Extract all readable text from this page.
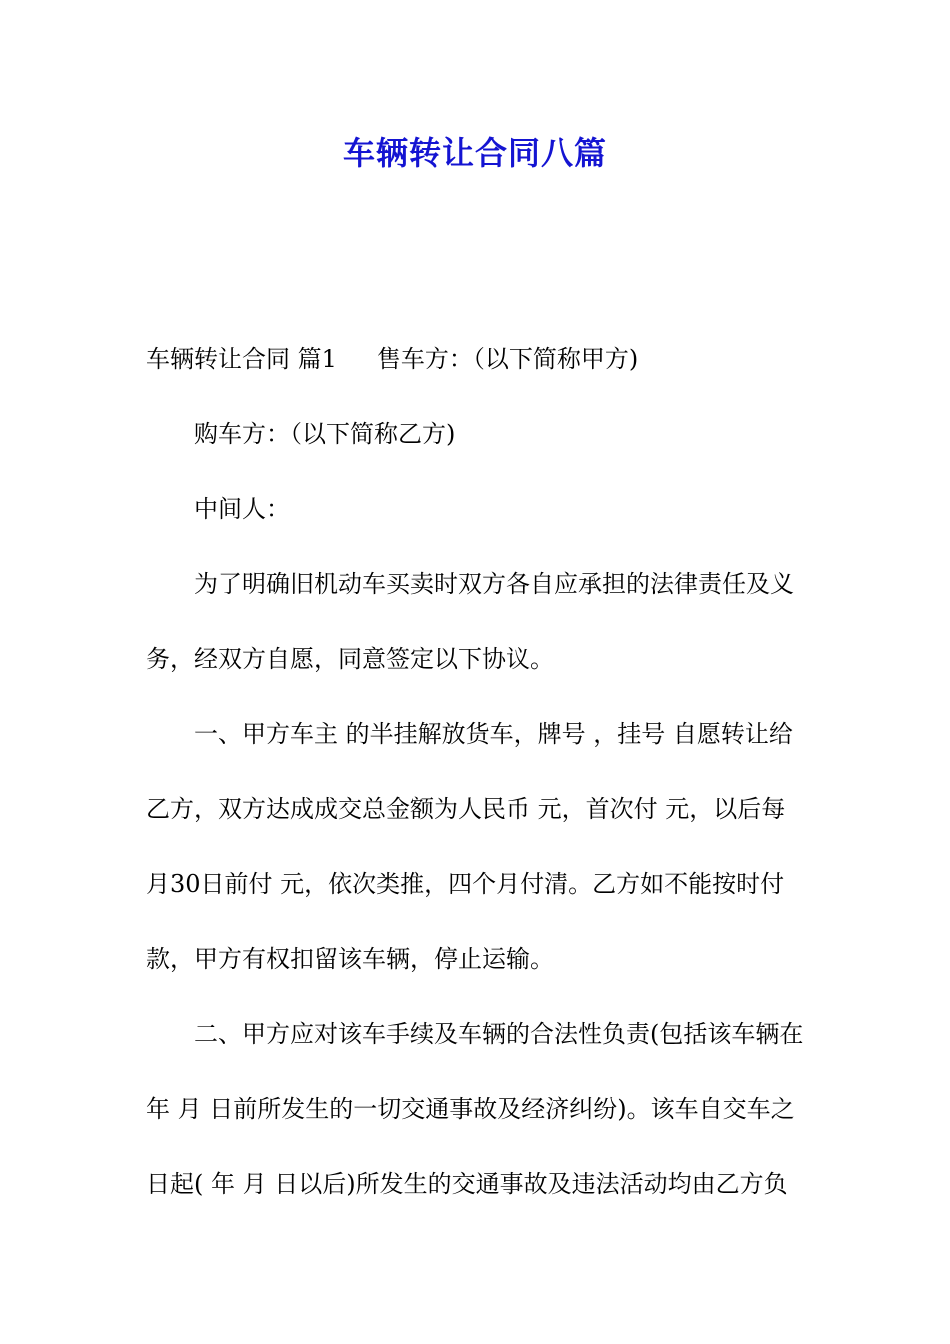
车辆转让合同八篇
车辆转让合同 篇1 售车方：（以下简称甲方)
购车方：（以下简称乙方)
中间人：
为了明确旧机动车买卖时双方各自应承担的法律责任及义
务，经双方自愿，同意签定以下协议。
一、甲方车主 的半挂解放货车，牌号 ，挂号 自愿转让给
乙方，双方达成成交总金额为人民币 元，首次付 元，以后每
月30日前付 元，依次类推，四个月付清。乙方如不能按时付
款，甲方有权扣留该车辆，停止运输。
二、甲方应对该车手续及车辆的合法性负责(包括该车辆在
年 月 日前所发生的一切交通事故及经济纠纷)。该车自交车之
日起( 年 月 日以后)所发生的交通事故及违法活动均由乙方负
